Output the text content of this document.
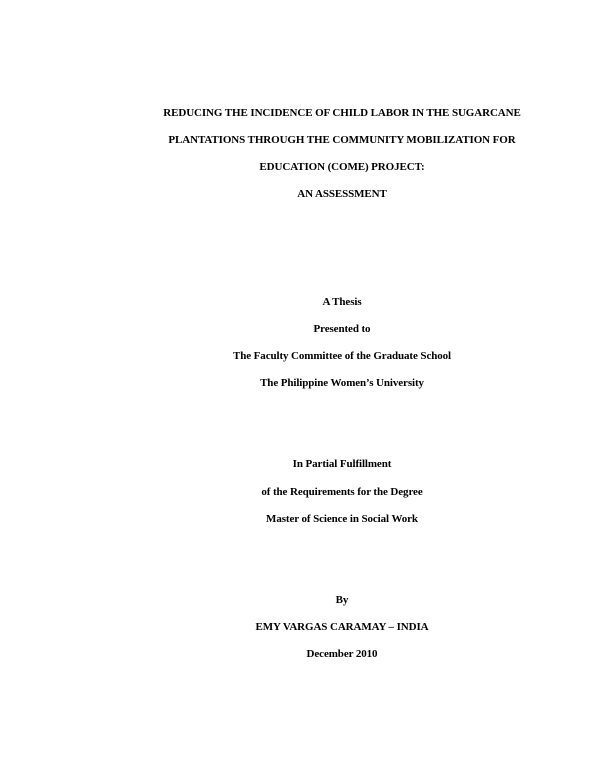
REDUCING THE INCIDENCE OF CHILD LABOR IN THE SUGARCANE
PLANTATIONS THROUGH THE COMMUNITY MOBILIZATION FOR
EDUCATION (COME) PROJECT:
AN ASSESSMENT
A Thesis
Presented to
The Faculty Committee of the Graduate School
The Philippine Women’s University
In Partial Fulfillment
of the Requirements for the Degree
Master of Science in Social Work
By
EMY VARGAS CARAMAY – INDIA
December 2010
